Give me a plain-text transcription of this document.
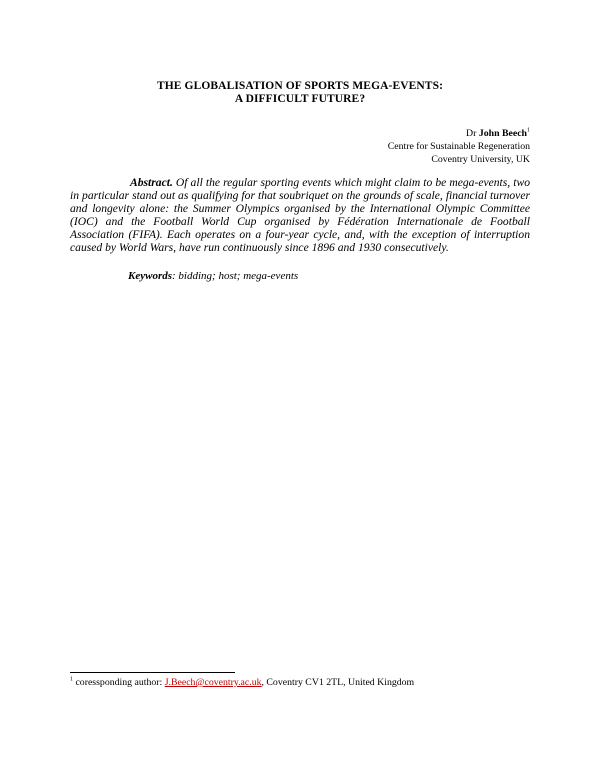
THE GLOBALISATION OF SPORTS MEGA-EVENTS:
A DIFFICULT FUTURE?
Dr John Beech$^1$
Centre for Sustainable Regeneration
Coventry University, UK
Abstract. Of all the regular sporting events which might claim to be mega-events, two in particular stand out as qualifying for that soubriquet on the grounds of scale, financial turnover and longevity alone: the Summer Olympics organised by the International Olympic Committee (IOC) and the Football World Cup organised by Fédération Internationale de Football Association (FIFA). Each operates on a four-year cycle, and, with the exception of interruption caused by World Wars, have run continuously since 1896 and 1930 consecutively.
Keywords: bidding; host; mega-events
$^1$ coressponding author: J.Beech@coventry.ac.uk, Coventry CV1 2TL, United Kingdom
